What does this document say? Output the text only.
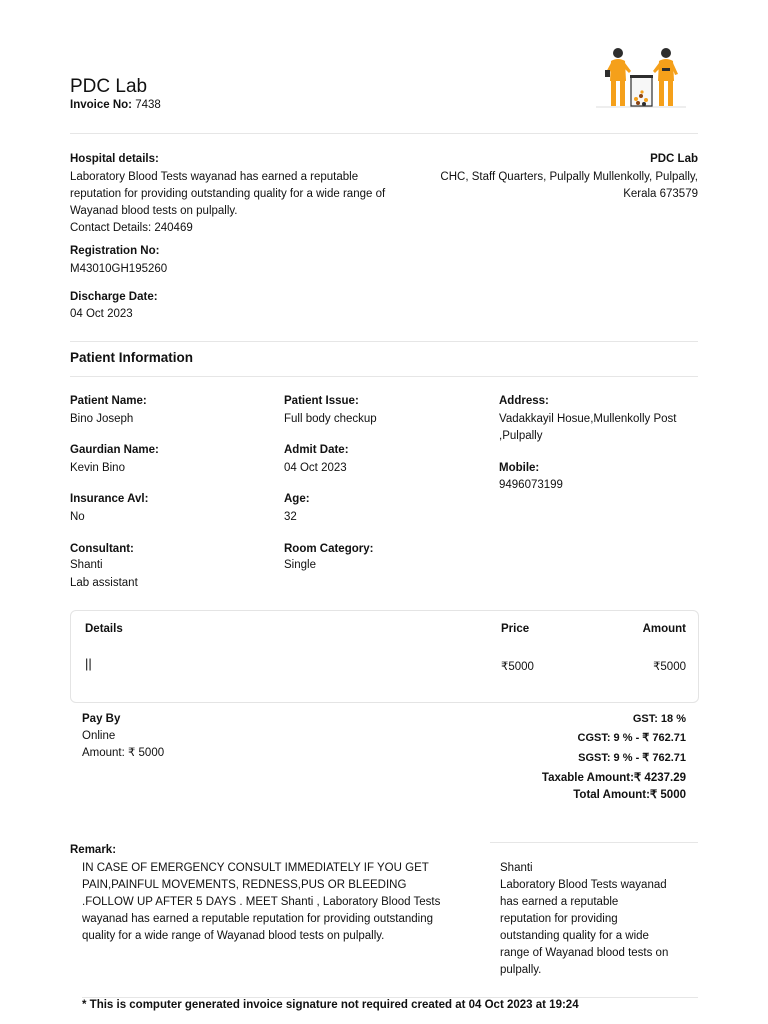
PDC Lab
Invoice No: 7438
Hospital details:
Laboratory Blood Tests wayanad has earned a reputable
reputation for providing outstanding quality for a wide range of
Wayanad blood tests on pulpally.
Contact Details: 240469
Registration No:
M43010GH195260
Discharge Date:
04 Oct 2023
PDC Lab
CHC, Staff Quarters, Pulpally Mullenkolly, Pulpally,
Kerala 673579
Patient Information
Patient Name:
Bino Joseph
Gaurdian Name:
Kevin Bino
Insurance Avl:
No
Consultant:
Shanti
Lab assistant
Patient Issue:
Full body checkup
Admit Date:
04 Oct 2023
Age:
32
Room Category:
Single
Address:
Vadakkayil Hosue,Mullenkolly Post
,Pulpally
Mobile:
9496073199
Details	Price	Amount
||	₹5000	₹5000
Pay By
Online
Amount: ₹ 5000
GST: 18 %
CGST: 9 % - ₹ 762.71
SGST: 9 % - ₹ 762.71
Taxable Amount:₹ 4237.29
Total Amount:₹ 5000
Remark:
IN CASE OF EMERGENCY CONSULT IMMEDIATELY IF YOU GET
PAIN,PAINFUL MOVEMENTS, REDNESS,PUS OR BLEEDING
.FOLLOW UP AFTER 5 DAYS . MEET Shanti , Laboratory Blood Tests
wayanad has earned a reputable reputation for providing outstanding
quality for a wide range of Wayanad blood tests on pulpally.
Shanti
Laboratory Blood Tests wayanad
has earned a reputable
reputation for providing
outstanding quality for a wide
range of Wayanad blood tests on
pulpally.
* This is computer generated invoice signature not required created at 04 Oct 2023 at 19:24
